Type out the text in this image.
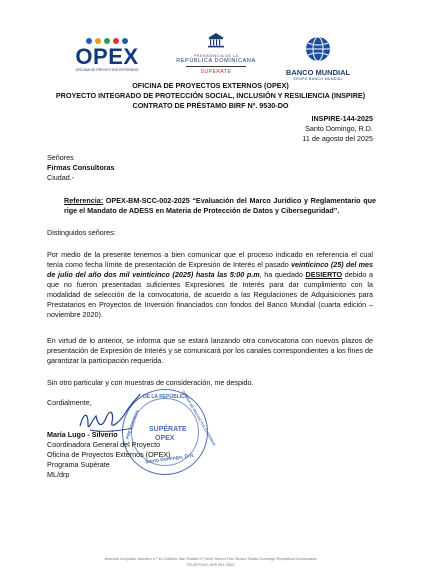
OPEX
OFICINA DE PROYECTOS EXTERNOS
PRESIDENCIA DE LA
REPÚBLICA DOMINICANA
SUPÉRATE	BANCO MUNDIAL
GRUPO BANCO MUNDIAL
OFICINA DE PROYECTOS EXTERNOS (OPEX)
PROYECTO INTEGRADO DE PROTECCIÓN SOCIAL, INCLUSIÓN Y RESILIENCIA (INSPIRE)
CONTRATO DE PRÉSTAMO BIRF Nº. 9530-DO
INSPIRE-144-2025
Santo Domingo, R.D.
11 de agosto del 2025
Señores
Firmas Consultoras
Ciudad.-
Referencia: OPEX-BM-SCC-002-2025 “Evaluación del Marco Jurídico y Reglamentario que rige el Mandato de ADESS en Materia de Protección de Datos y Ciberseguridad”.
Distinguidos señores:
Por medio de la presente tenemos a bien comunicar que el proceso indicado en referencia el cual tenía como fecha límite de presentación de Expresión de Interés el pasado veinticinco (25) del mes de julio del año dos mil veinticinco (2025) hasta las 5:00 p.m, ha quedado DESIERTO debido a que no fueron presentadas suficientes Expresiones de Interés para dar cumplimiento con la modalidad de selección de la convocatoria, de acuerdo a las Regulaciones de Adquisiciones para Prestatarios en Proyectos de Inversión financiados con fondos del Banco Mundial (cuarta edición – noviembre 2020).
En virtud de lo anterior, se informa que se estará lanzando otra convocatoria con nuevos plazos de presentación de Expresión de Interés y se comunicará por los canales correspondientes a los fines de garantizar la participación requerida.
Sin otro particular y con muestras de consideración, me despido.
Cordialmente,
DE LA REPÚBLICA
PRESIDENCIA	OFICINA DE PROYECTOS EXTERNOS
SUPÉRATE
OPEX
Santo Domingo, D.N.
María Lugo - Silverio
Coordinadora General del Proyecto
Oficina de Proyectos Externos (OPEX)
Programa Supérate
ML/drp
Avenida Leopoldo Navarro n.º 61 Edificio San Rafael 6.º nivel Sector Don Bosco Santo Domingo República Dominicana
TELÉFONO: 809 534 2525
